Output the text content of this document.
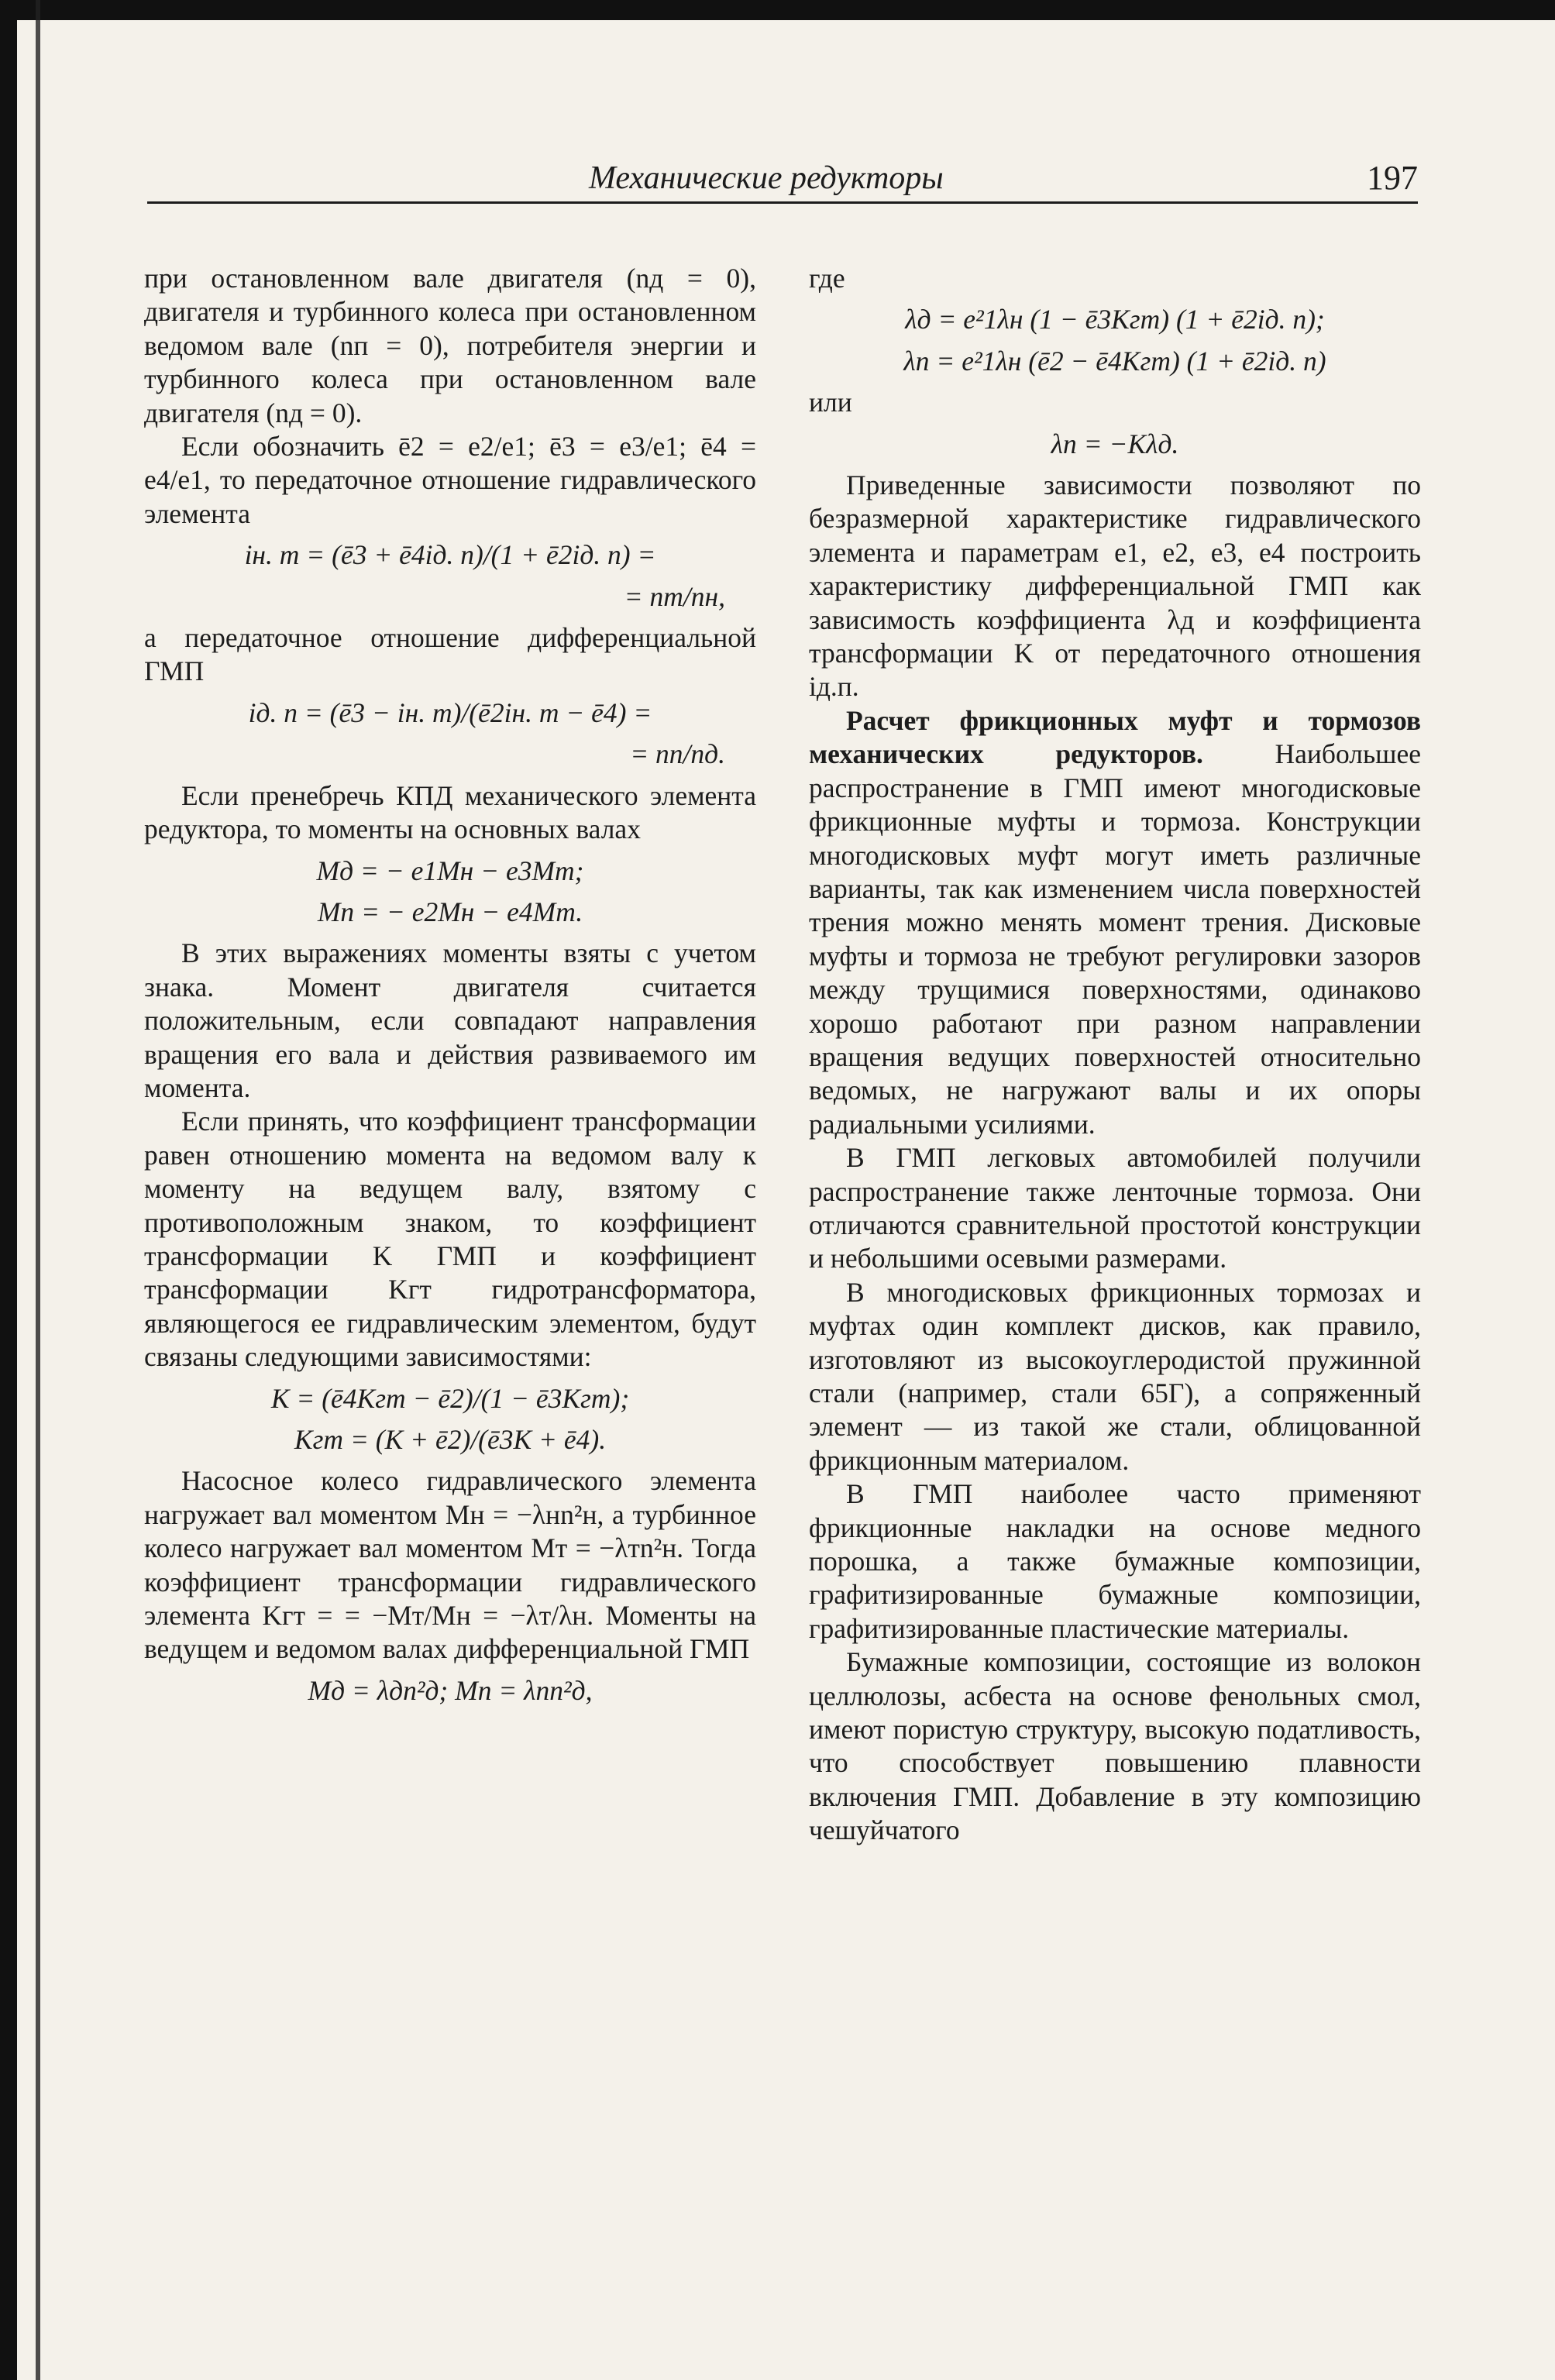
Механические редукторы	197

при остановленном вале двигателя (nд = 0), двигателя и турбинного колеса при остановленном ведомом вале (nп = 0), потребителя энергии и турбинного колеса при остановленном вале двигателя (nд = 0).

Если обозначить ē2 = e2/e1; ē3 = e3/e1; ē4 = e4/e1, то передаточное отношение гидравлического элемента

iн. т = (ē3 + ē4iд. п)/(1 + ē2iд. п) =
= nт/nн,

а передаточное отношение дифференциальной ГМП

iд. п = (ē3 − iн. т)/(ē2iн. т − ē4) =
= nп/nд.

Если пренебречь КПД механического элемента редуктора, то моменты на основных валах

Mд = − e1Mн − e3Mт;
Mп = − e2Mн − e4Mт.

В этих выражениях моменты взяты с учетом знака. Момент двигателя считается положительным, если совпадают направления вращения его вала и действия развиваемого им момента.

Если принять, что коэффициент трансформации равен отношению момента на ведомом валу к моменту на ведущем валу, взятому с противоположным знаком, то коэффициент трансформации K ГМП и коэффициент трансформации Kгт гидротрансформатора, являющегося ее гидравлическим элементом, будут связаны следующими зависимостями:

K = (ē4Kгт − ē2)/(1 − ē3Kгт);
Kгт = (K + ē2)/(ē3K + ē4).

Насосное колесо гидравлического элемента нагружает вал моментом Mн = −λнn²н, а турбинное колесо нагружает вал моментом Mт = −λтn²н. Тогда коэффициент трансформации гидравлического элемента Kгт = = −Mт/Mн = −λт/λн. Моменты на ведущем и ведомом валах дифференциальной ГМП

Mд = λдn²д; Mп = λпn²д,

где

λд = e²1λн (1 − ē3Kгт) (1 + ē2iд. п);
λп = e²1λн (ē2 − ē4Kгт) (1 + ē2iд. п)

или

λп = −Kλд.

Приведенные зависимости позволяют по безразмерной характеристике гидравлического элемента и параметрам e1, e2, e3, e4 построить характеристику дифференциальной ГМП как зависимость коэффициента λд и коэффициента трансформации K от передаточного отношения iд.п.

Расчет фрикционных муфт и тормозов механических редукторов. Наибольшее распространение в ГМП имеют многодисковые фрикционные муфты и тормоза. Конструкции многодисковых муфт могут иметь различные варианты, так как изменением числа поверхностей трения можно менять момент трения. Дисковые муфты и тормоза не требуют регулировки зазоров между трущимися поверхностями, одинаково хорошо работают при разном направлении вращения ведущих поверхностей относительно ведомых, не нагружают валы и их опоры радиальными усилиями.

В ГМП легковых автомобилей получили распространение также ленточные тормоза. Они отличаются сравнительной простотой конструкции и небольшими осевыми размерами.

В многодисковых фрикционных тормозах и муфтах один комплект дисков, как правило, изготовляют из высокоуглеродистой пружинной стали (например, стали 65Г), а сопряженный элемент — из такой же стали, облицованной фрикционным материалом.

В ГМП наиболее часто применяют фрикционные накладки на основе медного порошка, а также бумажные композиции, графитизированные бумажные композиции, графитизированные пластические материалы.

Бумажные композиции, состоящие из волокон целлюлозы, асбеста на основе фенольных смол, имеют пористую структуру, высокую податливость, что способствует повышению плавности включения ГМП. Добавление в эту композицию чешуйчатого
